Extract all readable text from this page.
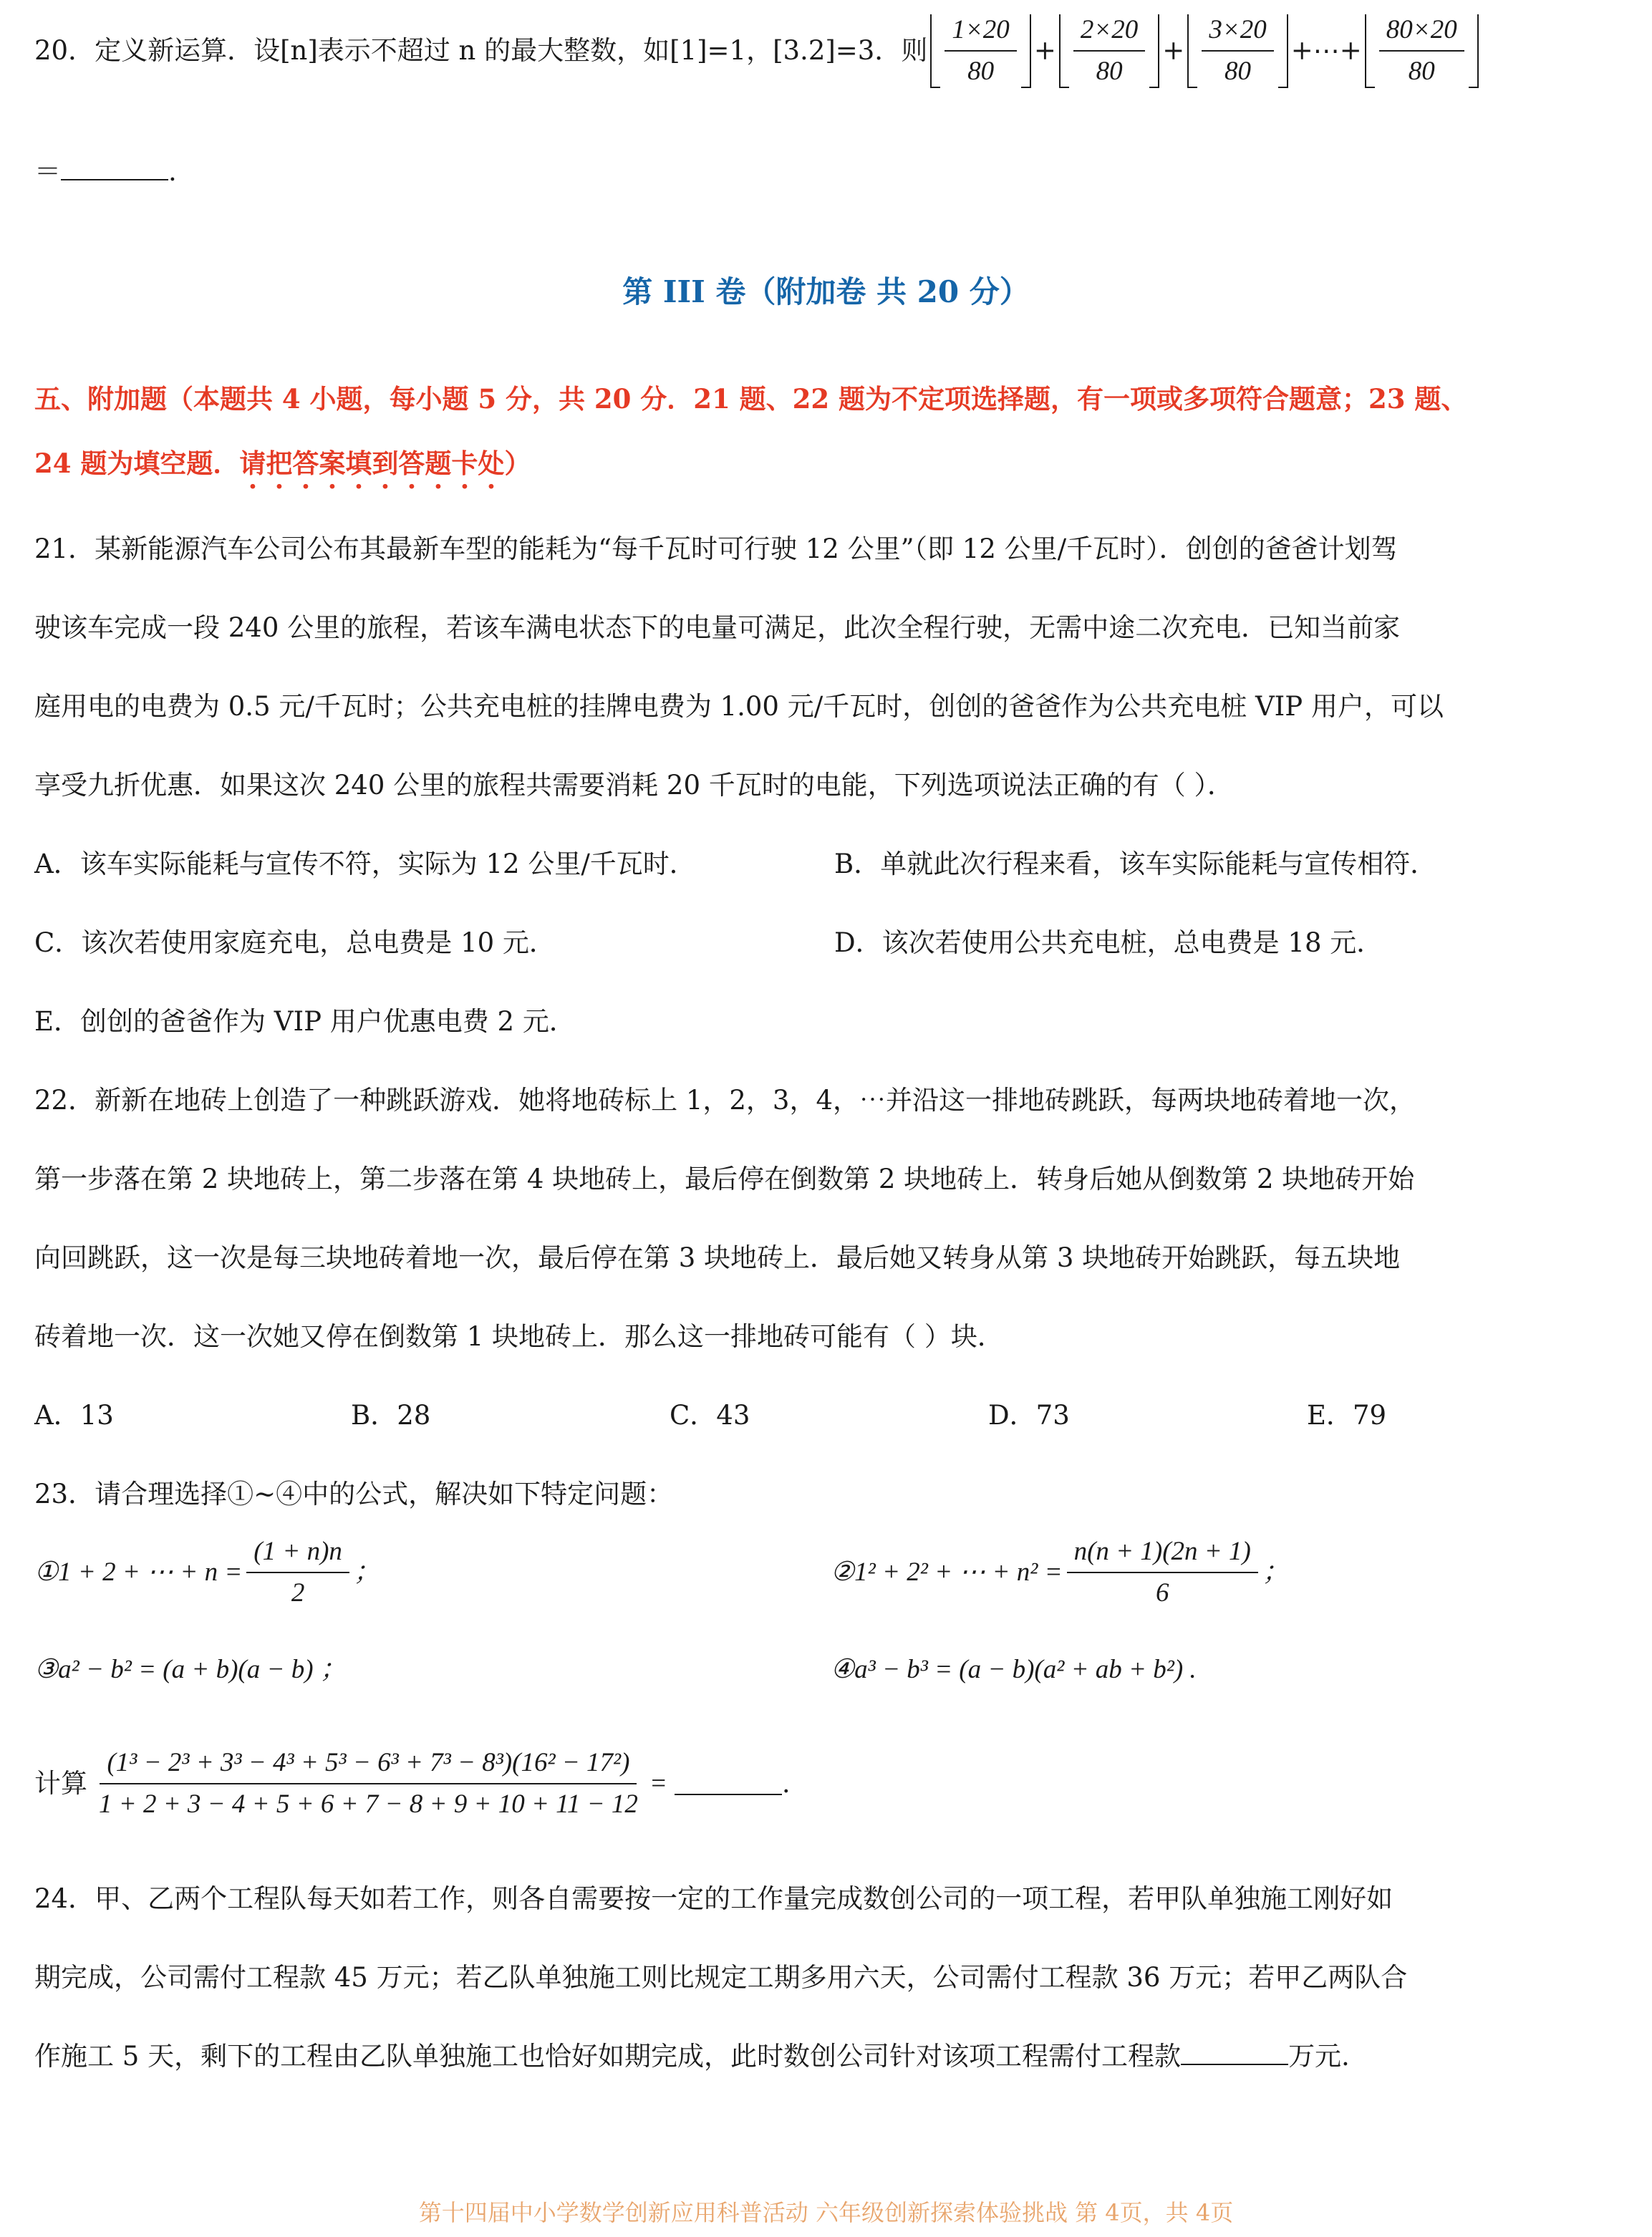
20．定义新运算．设[n]表示不超过 n 的最大整数，如[1]=1，[3.2]=3．则 $\frac{1\times 20}{80} + \frac{2\times 20}{80} + \frac{3\times 20}{80}$ +⋯+ $\frac{80\times 20}{80}$
＝	.
第 III 卷（附加卷 共 20 分）
五、附加题（本题共 4 小题，每小题 5 分，共 20 分．21 题、22 题为不定项选择题，有一项或多项符合题意；23 题、
24 题为填空题．请把答案填到答题卡处）
21．某新能源汽车公司公布其最新车型的能耗为“每千瓦时可行驶 12 公里”（即 12 公里/千瓦时）．创创的爸爸计划驾
驶该车完成一段 240 公里的旅程，若该车满电状态下的电量可满足，此次全程行驶，无需中途二次充电．已知当前家
庭用电的电费为 0.5 元/千瓦时；公共充电桩的挂牌电费为 1.00 元/千瓦时，创创的爸爸作为公共充电桩 VIP 用户，可以
享受九折优惠．如果这次 240 公里的旅程共需要消耗 20 千瓦时的电能，下列选项说法正确的有（ ）．
A．该车实际能耗与宣传不符，实际为 12 公里/千瓦时．	B．单就此次行程来看，该车实际能耗与宣传相符．
C．该次若使用家庭充电，总电费是 10 元．	D．该次若使用公共充电桩，总电费是 18 元．
E．创创的爸爸作为 VIP 用户优惠电费 2 元．
22．新新在地砖上创造了一种跳跃游戏．她将地砖标上 1，2，3，4，⋯并沿这一排地砖跳跃，每两块地砖着地一次，
第一步落在第 2 块地砖上，第二步落在第 4 块地砖上，最后停在倒数第 2 块地砖上．转身后她从倒数第 2 块地砖开始
向回跳跃，这一次是每三块地砖着地一次，最后停在第 3 块地砖上．最后她又转身从第 3 块地砖开始跳跃，每五块地
砖着地一次．这一次她又停在倒数第 1 块地砖上．那么这一排地砖可能有（ ）块．
A．13	B．28	C．43	D．73	E．79
23．请合理选择①~④中的公式，解决如下特定问题：
①1 + 2 + ⋯ + $n = \frac{(1 + n)n}{2}$ ；	②1² + 2² + ⋯ + $n^2 = \frac{n(n + 1)(2n + 1)}{6}$ ；
③a² − b² = (a + b)(a − b) ；	④a³ − b³ = (a − b)(a² + ab + b²) .
计算 $\frac{\text{(1³ − 2³ + 3³ − 4³ + 5³ − 6³ + 7³ − 8³)(16² − 17²)}}{1 + 2 + 3 - 4 + 5 + 6 + 7 - 8 + 9 + 10 + 11 - 12}$ =	.
24．甲、乙两个工程队每天如若工作，则各自需要按一定的工作量完成数创公司的一项工程，若甲队单独施工刚好如
期完成，公司需付工程款 45 万元；若乙队单独施工则比规定工期多用六天，公司需付工程款 36 万元；若甲乙两队合
作施工 5 天，剩下的工程由乙队单独施工也恰好如期完成，此时数创公司针对该项工程需付工程款	万元.
第十四届中小学数学创新应用科普活动 六年级创新探索体验挑战 第 4页，共 4页
